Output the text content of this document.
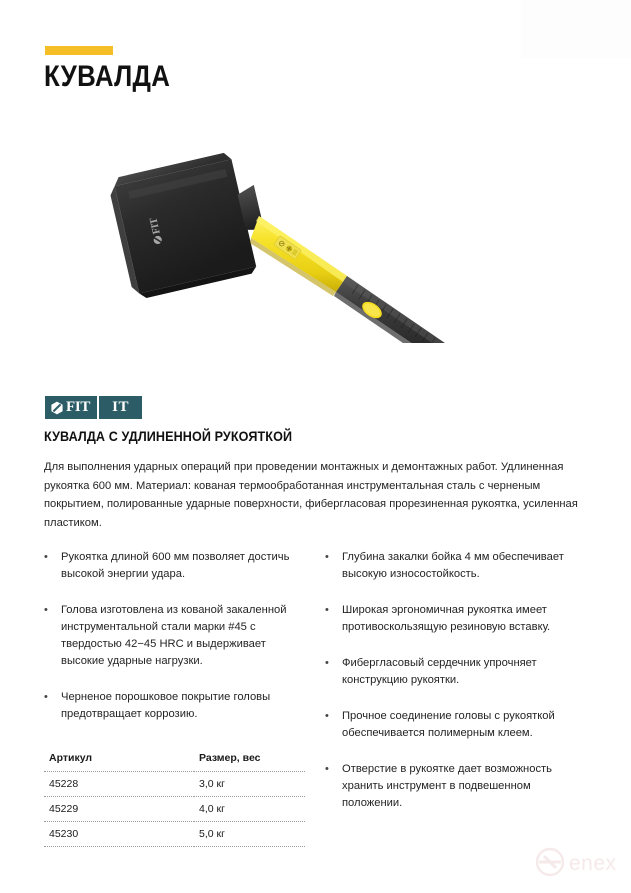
КУВАЛДА
FIT
FIT	IT
КУВАЛДА С УДЛИНЕННОЙ РУКОЯТКОЙ
Для выполнения ударных операций при проведении монтажных и демонтажных работ. Удлиненная рукоятка 600 мм. Материал: кованая термообработанная инструментальная сталь с черненым покрытием, полированные ударные поверхности, фибергласовая прорезиненная рукоятка, усиленная пластиком.
•	Рукоятка длиной 600 мм позволяет достичь высокой энергии удара.
•	Голова изготовлена из кованой закаленной инструментальной стали марки #45 с твердостью 42−45 HRC и выдерживает высокие ударные нагрузки.
•	Черненое порошковое покрытие головы предотвращает коррозию.
•	Глубина закалки бойка 4 мм обеспечивает высокую износостойкость.
•	Широкая эргономичная рукоятка имеет противоскользящую резиновую вставку.
•	Фибергласовый сердечник упрочняет конструкцию рукоятки.
•	Прочное соединение головы с рукояткой обеспечивается полимерным клеем.
•	Отверстие в рукоятке дает возможность хранить инструмент в подвешенном положении.
Артикул	Размер, вес
45228	3,0 кг
45229	4,0 кг
45230	5,0 кг
enex
